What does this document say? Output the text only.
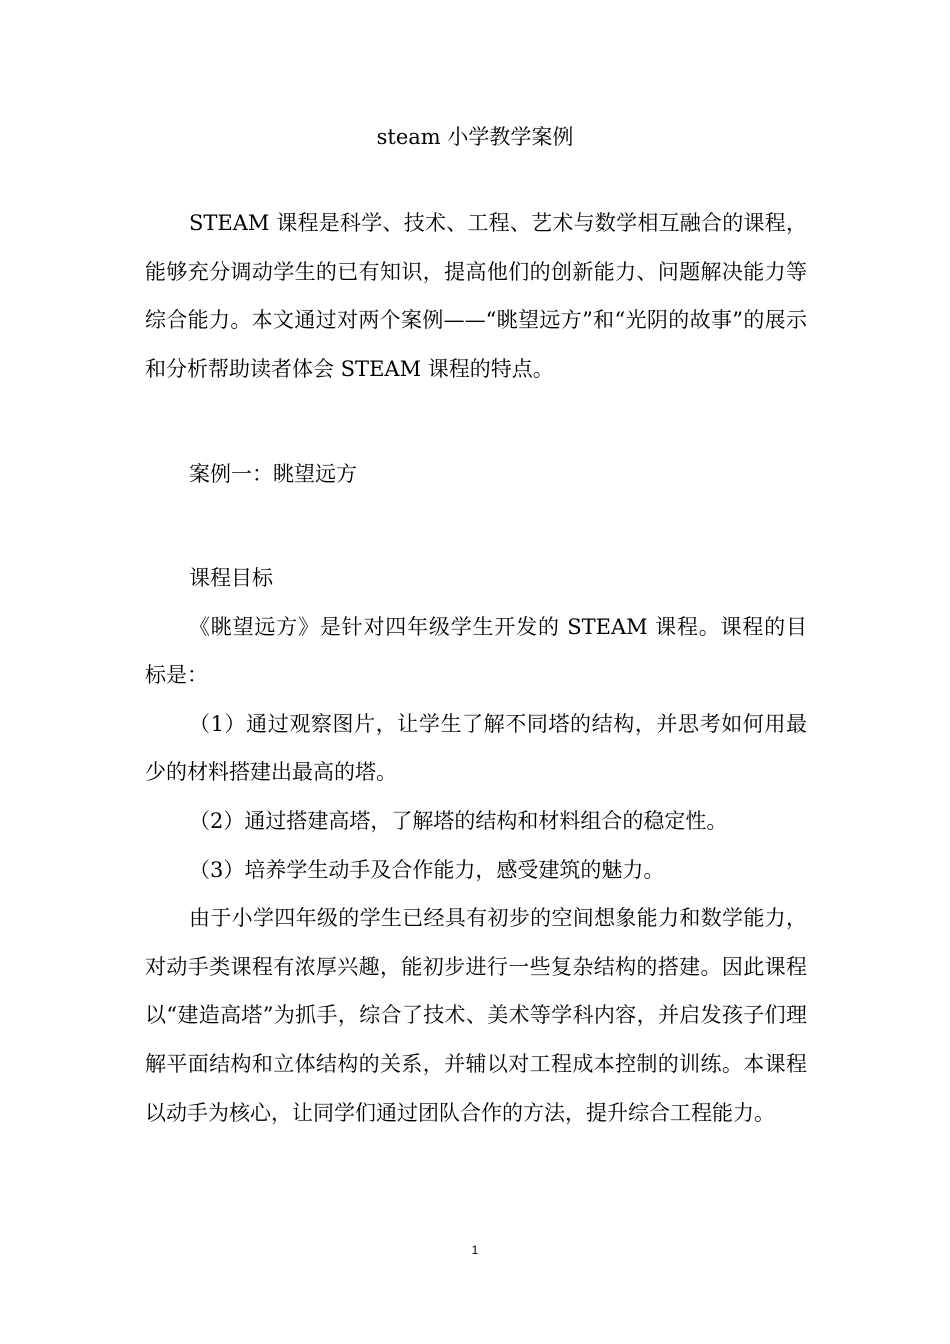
steam 小学教学案例

STEAM 课程是科学、技术、工程、艺术与数学相互融合的课程，能够充分调动学生的已有知识，提高他们的创新能力、问题解决能力等综合能力。本文通过对两个案例——“眺望远方”和“光阴的故事”的展示和分析帮助读者体会 STEAM 课程的特点。

案例一：眺望远方

课程目标

《眺望远方》是针对四年级学生开发的 STEAM 课程。课程的目标是：

（1）通过观察图片，让学生了解不同塔的结构，并思考如何用最少的材料搭建出最高的塔。

（2）通过搭建高塔，了解塔的结构和材料组合的稳定性。

（3）培养学生动手及合作能力，感受建筑的魅力。

由于小学四年级的学生已经具有初步的空间想象能力和数学能力，对动手类课程有浓厚兴趣，能初步进行一些复杂结构的搭建。因此课程以“建造高塔”为抓手，综合了技术、美术等学科内容，并启发孩子们理解平面结构和立体结构的关系，并辅以对工程成本控制的训练。本课程以动手为核心，让同学们通过团队合作的方法，提升综合工程能力。

1
